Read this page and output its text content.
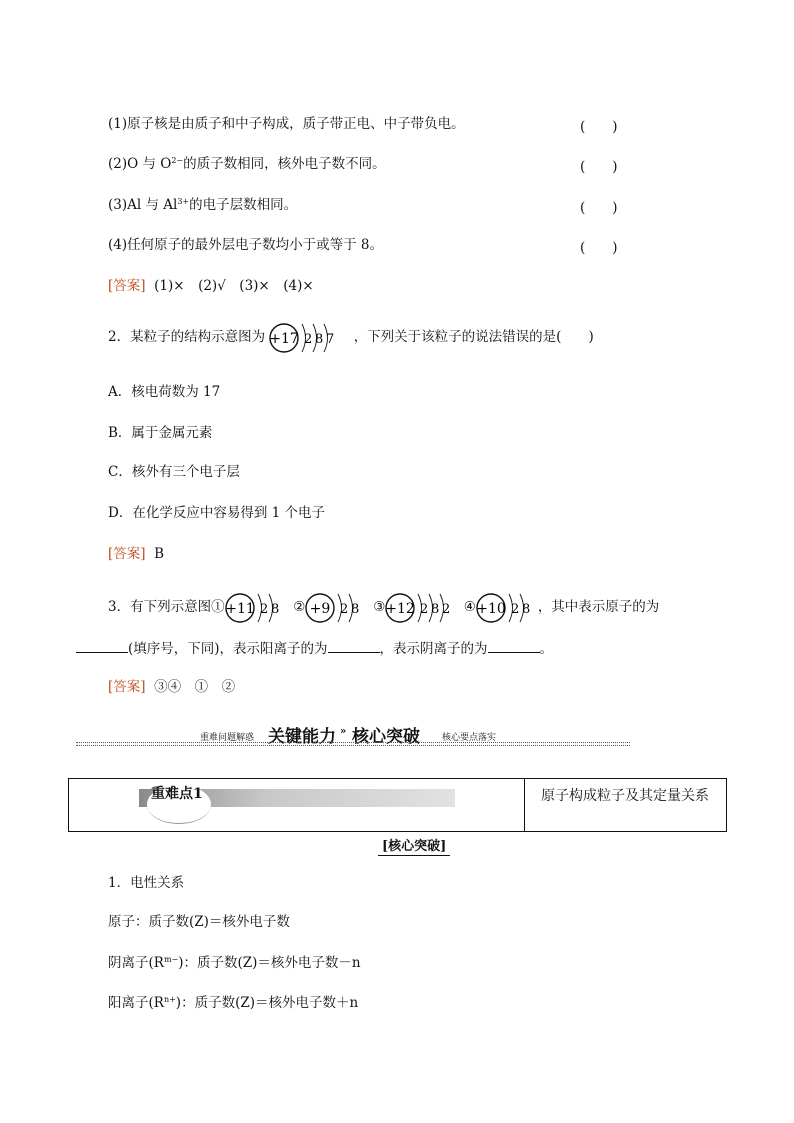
(1)原子核是由质子和中子构成，质子带正电、中子带负电。	(　　)
(2)O 与 $O^{2-}$的质子数相同，核外电子数不同。	(　　)
(3)Al 与 $Al^{3+}$的电子层数相同。	(　　)
(4)任何原子的最外层电子数均小于或等于 8。	(　　)
[答案] (1)×　(2)√　(3)×　(4)×
2．某粒子的结构示意图为 +17 2 8 7 ，下列关于该粒子的说法错误的是(　　)
A．核电荷数为 17
B．属于金属元素
C．核外有三个电子层
D．在化学反应中容易得到 1 个电子
[答案] B
3．有下列示意图① +11 2 8 ② +9 2 8 ③ +12 2 8 2 ④ +10 2 8 ，其中表示原子的为
(填序号，下同)，表示阳离子的为	，表示阴离子的为	。
[答案] ③④　①　②
重难问题解惑 关键能力 » 核心突破 核心要点落实
重难点1	原子构成粒子及其定量关系
[核心突破]
1．电性关系
原子：质子数(Z)＝核外电子数
阴离子$(R^{m-})$：质子数(Z)＝核外电子数－n
阳离子$(R^{n+})$：质子数(Z)＝核外电子数＋n
